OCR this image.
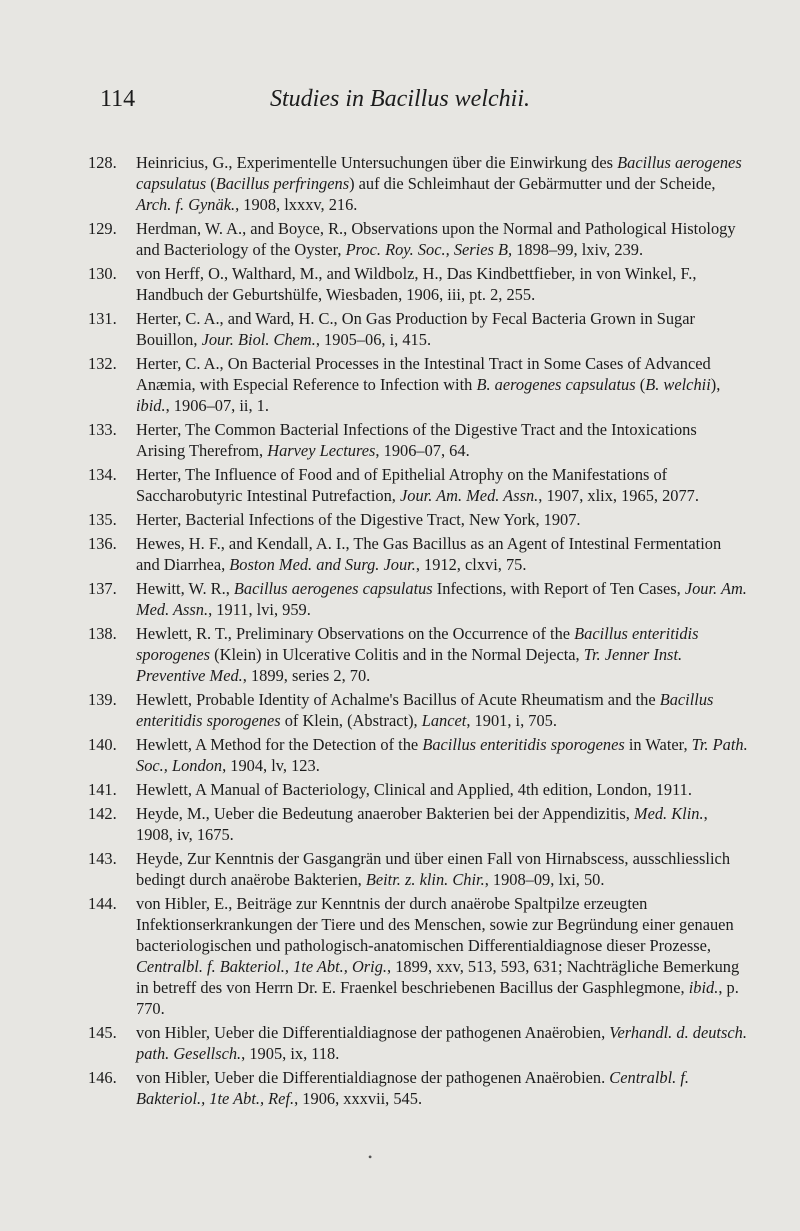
114	Studies in Bacillus welchii.
128.	Heinricius, G., Experimentelle Untersuchungen über die Einwirkung des Bacillus aerogenes capsulatus (Bacillus perfringens) auf die Schleimhaut der Gebärmutter und der Scheide, Arch. f. Gynäk., 1908, lxxxv, 216.
129.	Herdman, W. A., and Boyce, R., Observations upon the Normal and Pathological Histology and Bacteriology of the Oyster, Proc. Roy. Soc., Series B, 1898–99, lxiv, 239.
130.	von Herff, O., Walthard, M., and Wildbolz, H., Das Kindbettfieber, in von Winkel, F., Handbuch der Geburtshülfe, Wiesbaden, 1906, iii, pt. 2, 255.
131.	Herter, C. A., and Ward, H. C., On Gas Production by Fecal Bacteria Grown in Sugar Bouillon, Jour. Biol. Chem., 1905–06, i, 415.
132.	Herter, C. A., On Bacterial Processes in the Intestinal Tract in Some Cases of Advanced Anæmia, with Especial Reference to Infection with B. aerogenes capsulatus (B. welchii), ibid., 1906–07, ii, 1.
133.	Herter, The Common Bacterial Infections of the Digestive Tract and the Intoxications Arising Therefrom, Harvey Lectures, 1906–07, 64.
134.	Herter, The Influence of Food and of Epithelial Atrophy on the Manifestations of Saccharobutyric Intestinal Putrefaction, Jour. Am. Med. Assn., 1907, xlix, 1965, 2077.
135.	Herter, Bacterial Infections of the Digestive Tract, New York, 1907.
136.	Hewes, H. F., and Kendall, A. I., The Gas Bacillus as an Agent of Intestinal Fermentation and Diarrhea, Boston Med. and Surg. Jour., 1912, clxvi, 75.
137.	Hewitt, W. R., Bacillus aerogenes capsulatus Infections, with Report of Ten Cases, Jour. Am. Med. Assn., 1911, lvi, 959.
138.	Hewlett, R. T., Preliminary Observations on the Occurrence of the Bacillus enteritidis sporogenes (Klein) in Ulcerative Colitis and in the Normal Dejecta, Tr. Jenner Inst. Preventive Med., 1899, series 2, 70.
139.	Hewlett, Probable Identity of Achalme's Bacillus of Acute Rheumatism and the Bacillus enteritidis sporogenes of Klein, (Abstract), Lancet, 1901, i, 705.
140.	Hewlett, A Method for the Detection of the Bacillus enteritidis sporogenes in Water, Tr. Path. Soc., London, 1904, lv, 123.
141.	Hewlett, A Manual of Bacteriology, Clinical and Applied, 4th edition, London, 1911.
142.	Heyde, M., Ueber die Bedeutung anaerober Bakterien bei der Appendizitis, Med. Klin., 1908, iv, 1675.
143.	Heyde, Zur Kenntnis der Gasgangrän und über einen Fall von Hirnabscess, ausschliesslich bedingt durch anaërobe Bakterien, Beitr. z. klin. Chir., 1908–09, lxi, 50.
144.	von Hibler, E., Beiträge zur Kenntnis der durch anaërobe Spaltpilze erzeugten Infektionserkrankungen der Tiere und des Menschen, sowie zur Begründung einer genauen bacteriologischen und pathologisch-anatomischen Differentialdiagnose dieser Prozesse, Centralbl. f. Bakteriol., 1te Abt., Orig., 1899, xxv, 513, 593, 631; Nachträgliche Bemerkung in betreff des von Herrn Dr. E. Fraenkel beschriebenen Bacillus der Gasphlegmone, ibid., p. 770.
145.	von Hibler, Ueber die Differentialdiagnose der pathogenen Anaërobien, Verhandl. d. deutsch. path. Gesellsch., 1905, ix, 118.
146.	von Hibler, Ueber die Differentialdiagnose der pathogenen Anaërobien. Centralbl. f. Bakteriol., 1te Abt., Ref., 1906, xxxvii, 545.
•
